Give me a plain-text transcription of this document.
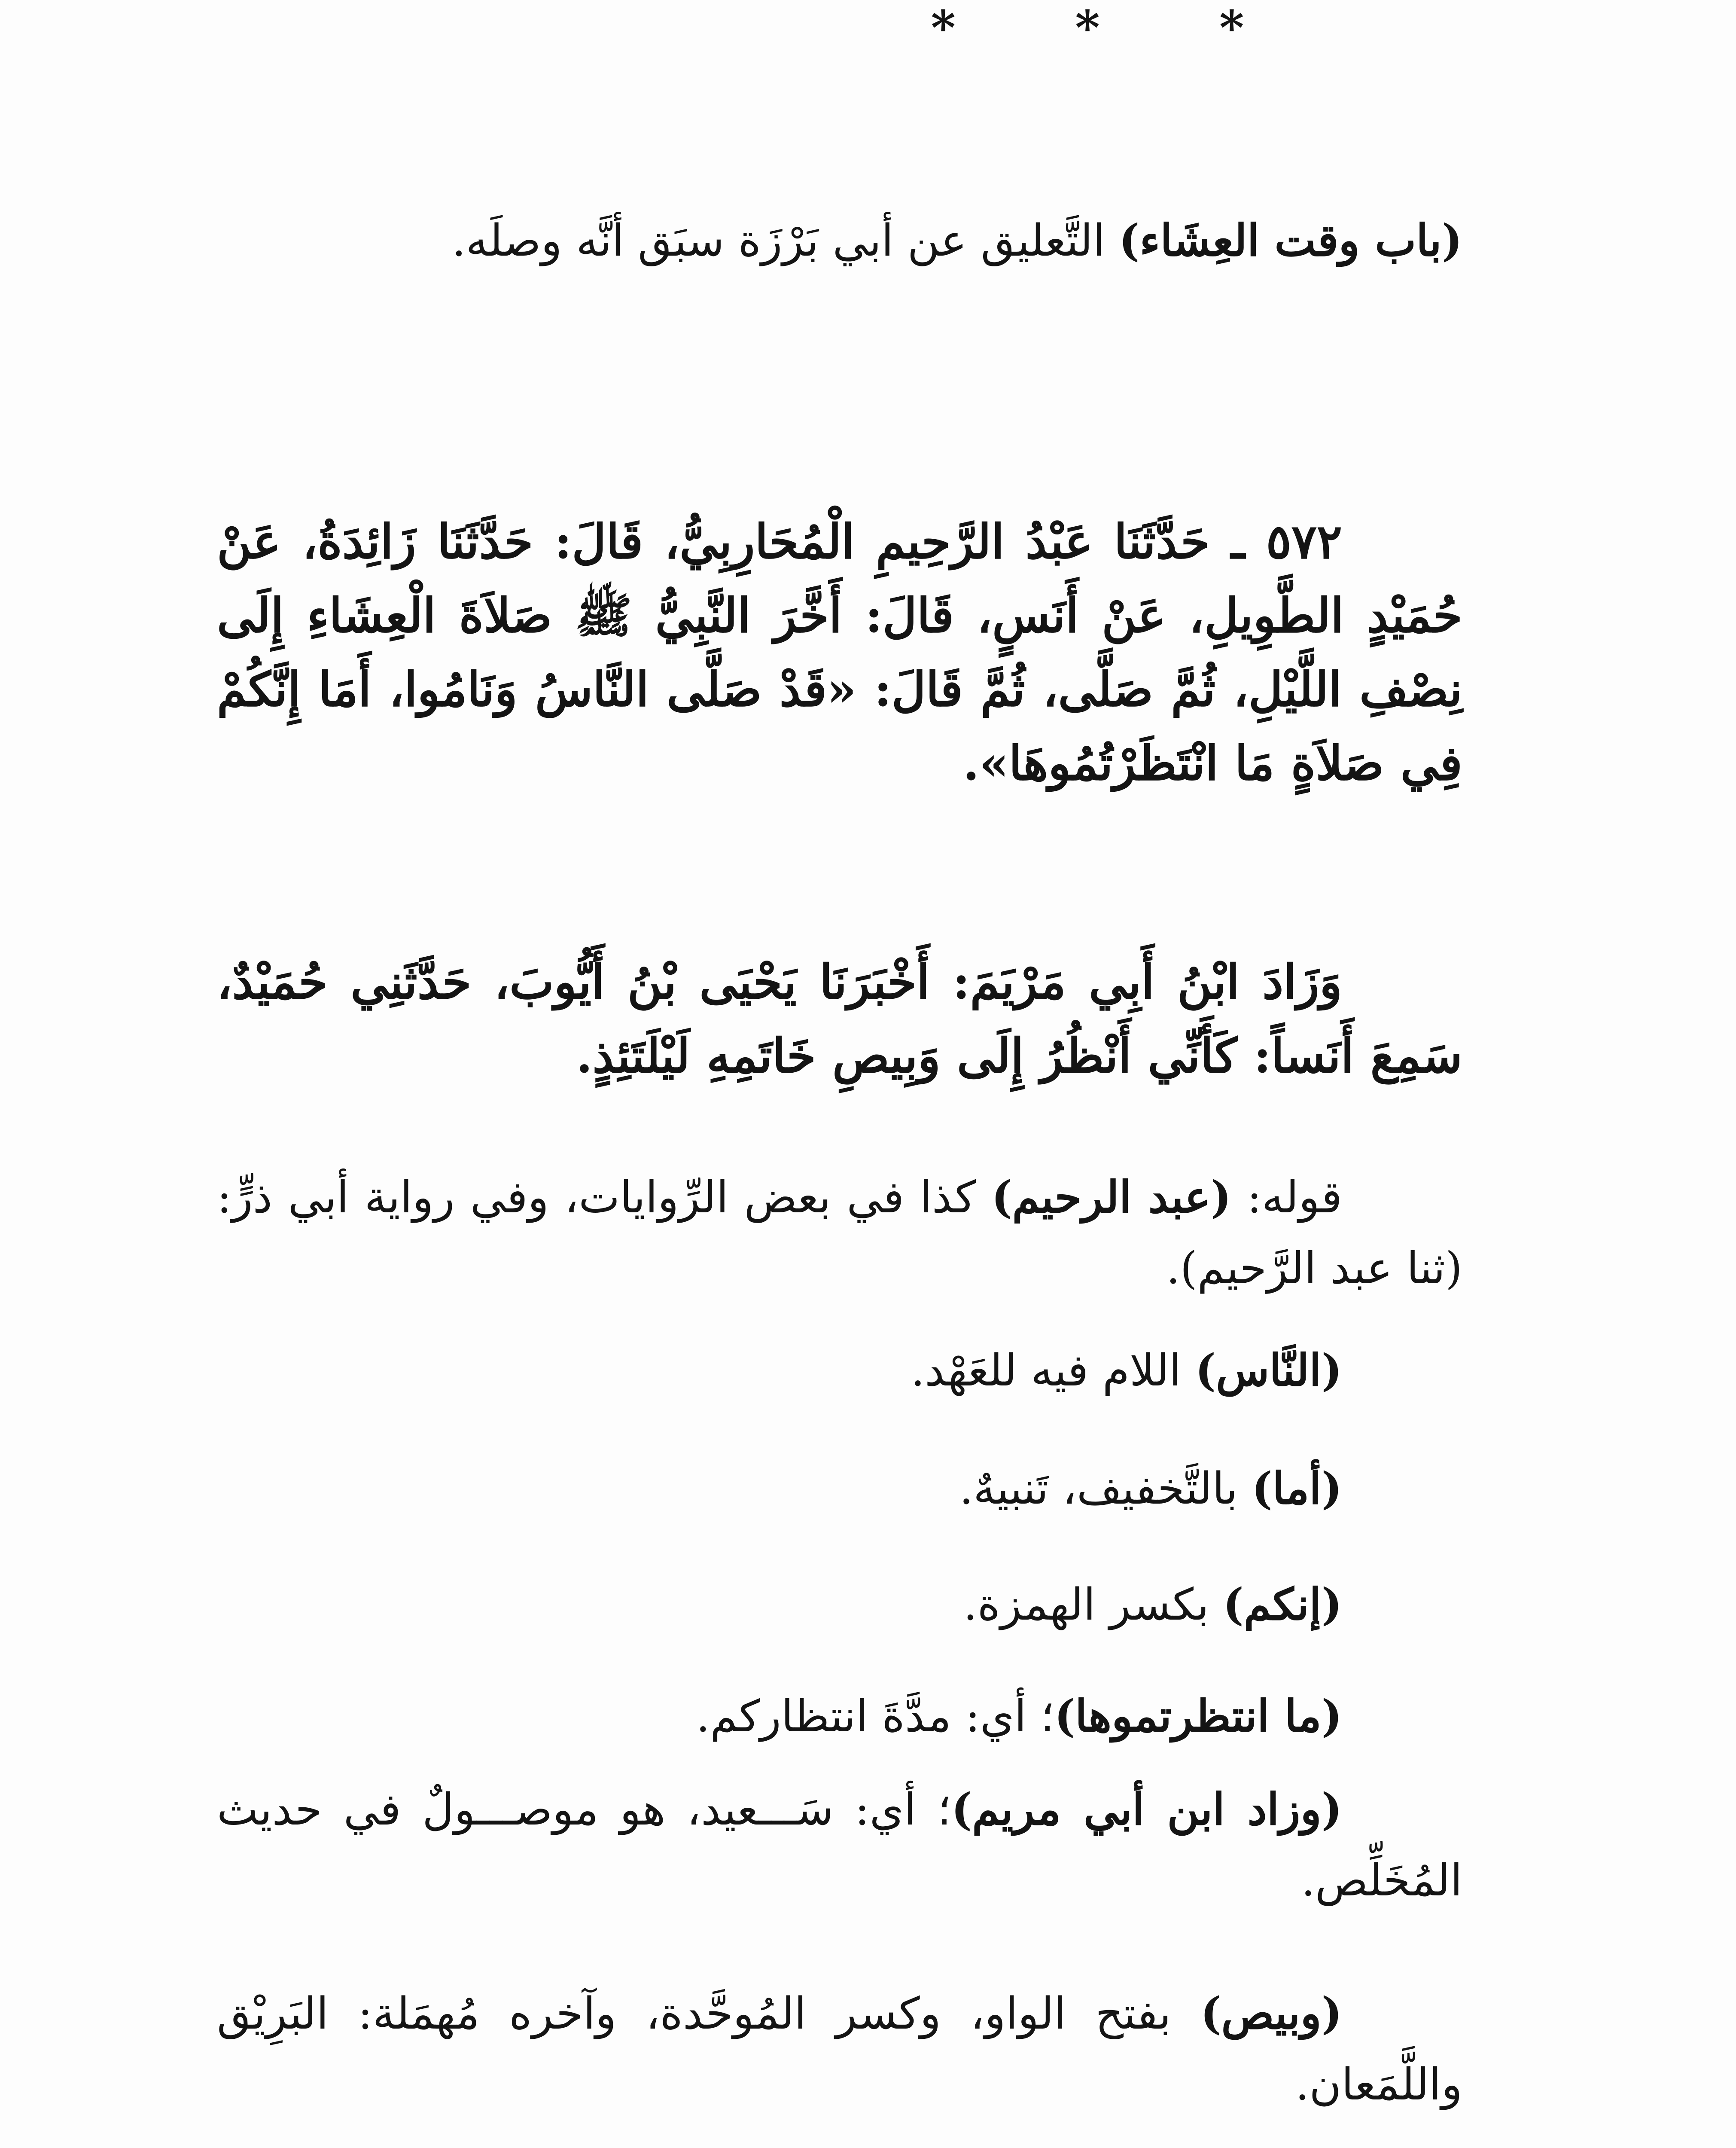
(باب وقت العِشَاء) التَّعليق عن أبي بَرْزَة سبَق أنَّه وصلَه.
* * *
٥٧٢ ـ حَدَّثَنَا عَبْدُ الرَّحِيمِ الْمُحَارِبِيُّ، قَالَ: حَدَّثَنَا زَائِدَةُ، عَنْ حُمَيْدٍ الطَّوِيلِ، عَنْ أَنَسٍ، قَالَ: أَخَّرَ النَّبِيُّ ﷺ صَلاَةَ الْعِشَاءِ إِلَى نِصْفِ اللَّيْلِ، ثُمَّ صَلَّى، ثُمَّ قَالَ: «قَدْ صَلَّى النَّاسُ وَنَامُوا، أَمَا إِنَّكُمْ فِي صَلاَةٍ مَا انْتَظَرْتُمُوهَا».
وَزَادَ ابْنُ أَبِي مَرْيَمَ: أَخْبَرَنَا يَحْيَى بْنُ أَيُّوبَ، حَدَّثَنِي حُمَيْدٌ، سَمِعَ أَنَساً: كَأَنِّي أَنْظُرُ إِلَى وَبِيصِ خَاتَمِهِ لَيْلَتَئِذٍ.
قوله: (عبد الرحيم) كذا في بعض الرِّوايات، وفي رواية أبي ذرٍّ: (ثنا عبد الرَّحيم).
(النَّاس) اللام فيه للعَهْد.
(أما) بالتَّخفيف، تَنبيهٌ.
(إنكم) بكسر الهمزة.
(ما انتظرتموها)؛ أي: مدَّةَ انتظاركم.
(وزاد ابن أبي مريم)؛ أي: سَـــعيد، هو موصـــولٌ في حديث المُخَلِّص.
(وبيص) بفتح الواو، وكسر المُوحَّدة، وآخره مُهمَلة: البَرِيْق واللَّمَعان.
